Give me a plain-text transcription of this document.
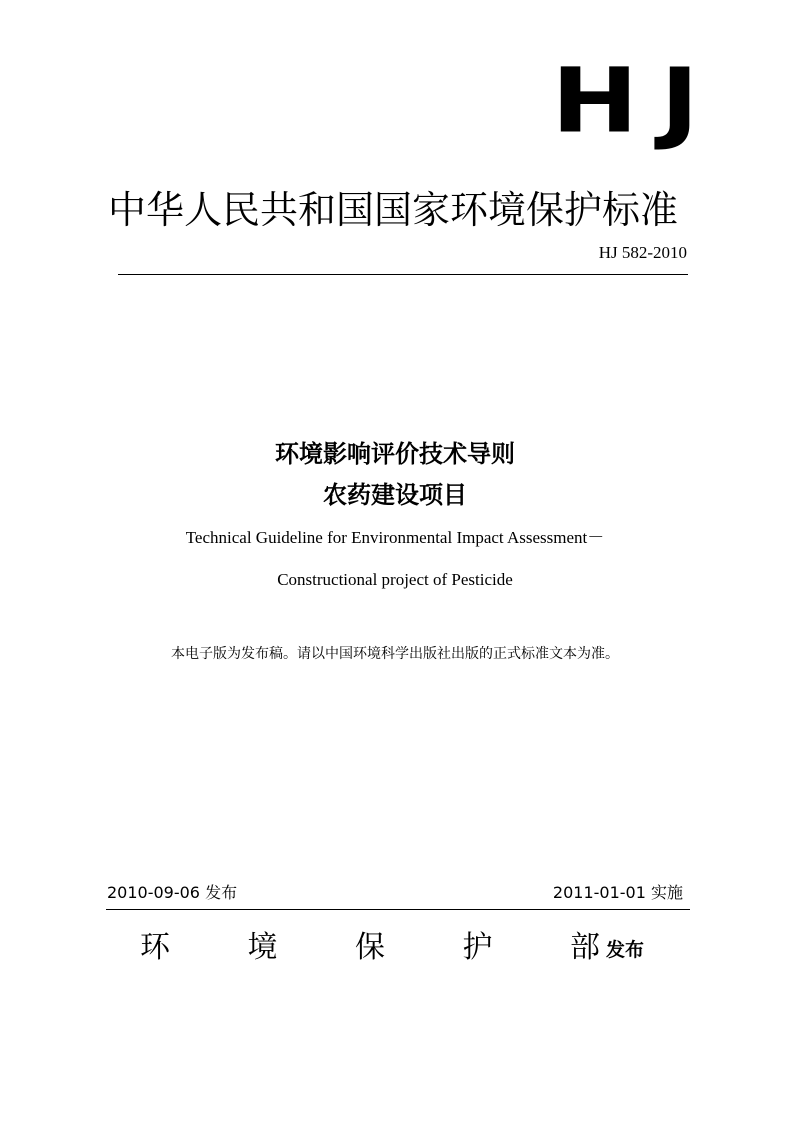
HJ
中华人民共和国国家环境保护标准
HJ 582-2010
环境影响评价技术导则
农药建设项目
Technical Guideline for Environmental Impact Assessment－
Constructional project of Pesticide
本电子版为发布稿。请以中国环境科学出版社出版的正式标准文本为准。
2010-09-06 发布	2011-01-01 实施
环	境	保	护	部 发布
